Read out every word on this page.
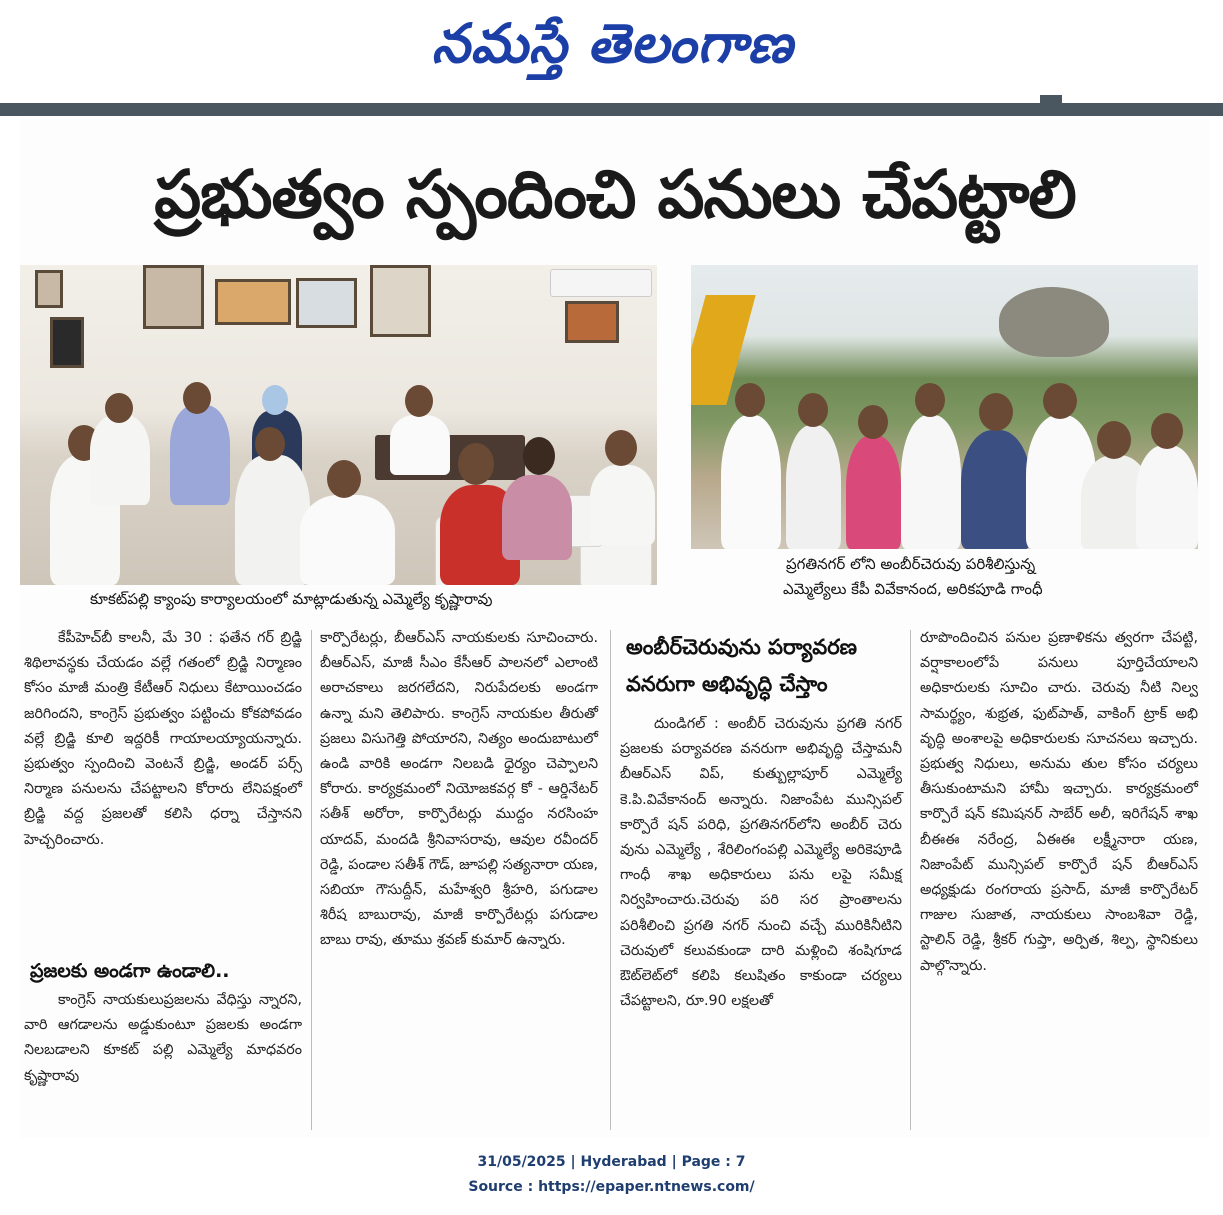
నమస్తే తెలంగాణ
ప్రభుత్వం స్పందించి పనులు చేపట్టాలి
కూకట్‌పల్లి క్యాంపు కార్యాలయంలో మాట్లాడుతున్న ఎమ్మెల్యే కృష్ణారావు
ప్రగతినగర్ లోని అంబీర్‌చెరువు పరిశీలిస్తున్న
ఎమ్మెల్యేలు కేపీ వివేకానంద, అరికపూడి గాంధీ

కేపీహెచ్‌బీ కాలనీ, మే 30 : ఫతేన గర్ బ్రిడ్జి శిథిలావస్థకు చేయడం వల్లే గతంలో బ్రిడ్జి నిర్మాణం కోసం మాజీ మంత్రి కేటీఆర్ నిధులు కేటాయించడం జరిగిందని, కాంగ్రెస్ ప్రభుత్వం పట్టించు కోకపోవడం వల్లే బ్రిడ్జి కూలి ఇద్దరికీ గాయాలయ్యాయన్నారు. ప్రభుత్వం స్పందించి వెంటనే బ్రిడ్జి, అండర్ పర్స్ నిర్మాణ పనులను చేపట్టాలని కోరారు లేనిపక్షంలో బ్రిడ్జి వద్ద ప్రజలతో కలిసి ధర్నా చేస్తానని హెచ్చరించారు.

ప్రజలకు అండగా ఉండాలి..

కాంగ్రెస్ నాయకులుప్రజలను వేధిస్తు న్నారని, వారి ఆగడాలను అడ్డుకుంటూ ప్రజలకు అండగా నిలబడాలని కూకట్ పల్లి ఎమ్మెల్యే మాధవరం కృష్ణారావు

కార్పొరేటర్లు, బీఆర్ఎస్ నాయకులకు సూచించారు. బీఆర్ఎస్, మాజీ సీఎం కేసీఆర్ పాలనలో ఎలాంటి అరాచకాలు జరగలేదని, నిరుపేదలకు అండగా ఉన్నా మని తెలిపారు. కాంగ్రెస్ నాయకుల తీరుతో ప్రజలు విసుగెత్తి పోయారని, నిత్యం అందుబాటులో ఉండి వారికి అండగా నిలబడి ధైర్యం చెప్పాలని కోరారు. కార్యక్రమంలో నియోజకవర్గ కో - ఆర్డినేటర్ సతీశ్ అరోరా, కార్పొరేటర్లు ముద్దం నరసింహ యాదవ్, మందడి శ్రీనివాసరావు, ఆవుల రవీందర్ రెడ్డి, పండాల సతీశ్ గౌడ్, జూపల్లి సత్యనారా యణ, సబియా గౌసుద్దీన్, మహేశ్వరి శ్రీహరి, పగుడాల శిరీష బాబురావు, మాజీ కార్పొరేటర్లు పగుడాల బాబు రావు, తూము శ్రవణ్ కుమార్ ఉన్నారు.

అంబీర్‌చెరువును పర్యావరణ
వనరుగా అభివృద్ధి చేస్తాం

దుండిగల్ : అంబీర్ చెరువును ప్రగతి నగర్ ప్రజలకు పర్యావరణ వనరుగా అభివృద్ధి చేస్తామనీ బీఆర్ఎస్ విప్, కుత్బుల్లాపూర్ ఎమ్మెల్యే కె.పి.వివేకానంద్ అన్నారు. నిజాంపేట మున్సిపల్ కార్పొరే షన్ పరిధి, ప్రగతినగర్‌లోని అంబీర్ చెరు వును ఎమ్మెల్యే , శేరిలింగంపల్లి ఎమ్మెల్యే అరికెపూడి గాంధీ శాఖ అధికారులు పను లపై సమీక్ష నిర్వహించారు.చెరువు పరి సర ప్రాంతాలను పరిశీలించి ప్రగతి నగర్ నుంచి వచ్చే మురికినీటిని చెరువులో కలువకుండా దారి మళ్లించి శంషిగూడ ఔట్‌లెట్‌లో కలిపి కలుషితం కాకుండా చర్యలు చేపట్టాలని, రూ.90 లక్షలతో

రూపొందించిన పనుల ప్రణాళికను త్వరగా చేపట్టి, వర్షాకాలంలోపే పనులు పూర్తిచేయాలని అధికారులకు సూచిం చారు. చెరువు నీటి నిల్వ సామర్థ్యం, శుభ్రత, ఫుట్‌పాత్, వాకింగ్ ట్రాక్ అభి వృద్ధి అంశాలపై అధికారులకు సూచనలు ఇచ్చారు. ప్రభుత్వ నిధులు, అనుమ తుల కోసం చర్యలు తీసుకుంటామని హామీ ఇచ్చారు. కార్యక్రమంలో కార్పొరే షన్ కమిషనర్ సాబేర్ అలీ, ఇరిగేషన్ శాఖ బీఈఈ నరేంద్ర, ఏఈఈ లక్ష్మీనారా యణ, నిజాంపేట్ మున్సిపల్ కార్పొరే షన్ బీఆర్ఎస్ అధ్యక్షుడు రంగరాయ ప్రసాద్, మాజీ కార్పొరేటర్ గాజుల సుజాత, నాయకులు సాంబశివా రెడ్డి, స్టాలిన్ రెడ్డి, శ్రీకర్ గుప్తా, అర్పిత, శిల్ప, స్థానికులు పాల్గొన్నారు.

31/05/2025 | Hyderabad | Page : 7
Source : https://epaper.ntnews.com/
